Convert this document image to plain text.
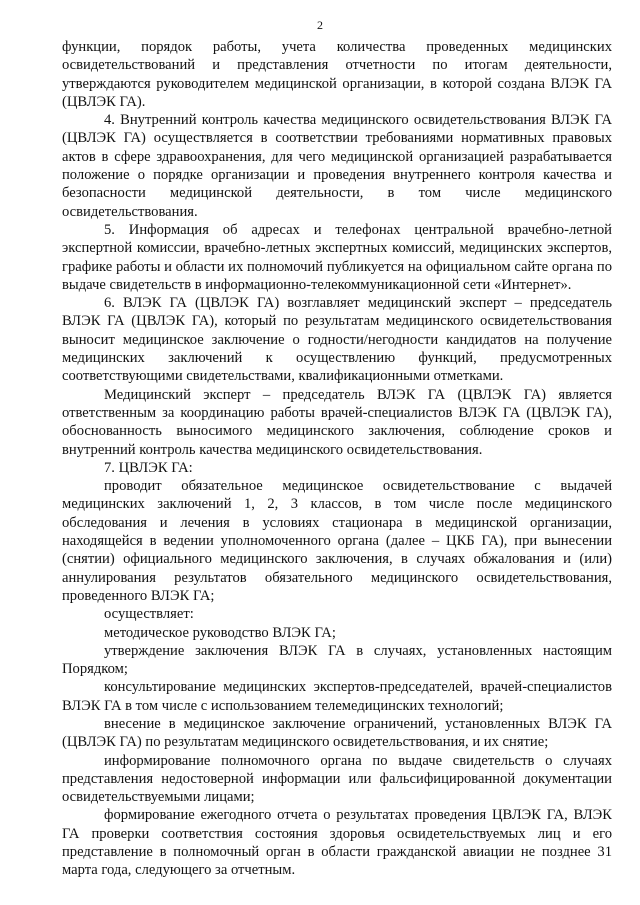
2

функции, порядок работы, учета количества проведенных медицинских освидетельствований и представления отчетности по итогам деятельности, утверждаются руководителем медицинской организации, в которой создана ВЛЭК ГА (ЦВЛЭК ГА).

4. Внутренний контроль качества медицинского освидетельствования ВЛЭК ГА (ЦВЛЭК ГА) осуществляется в соответствии требованиями нормативных правовых актов в сфере здравоохранения, для чего медицинской организацией разрабатывается положение о порядке организации и проведения внутреннего контроля качества и безопасности медицинской деятельности, в том числе медицинского освидетельствования.

5. Информация об адресах и телефонах центральной врачебно-летной экспертной комиссии, врачебно-летных экспертных комиссий, медицинских экспертов, графике работы и области их полномочий публикуется на официальном сайте органа по выдаче свидетельств в информационно-телекоммуникационной сети «Интернет».

6. ВЛЭК ГА (ЦВЛЭК ГА) возглавляет медицинский эксперт – председатель ВЛЭК ГА (ЦВЛЭК ГА), который по результатам медицинского освидетельствования выносит медицинское заключение о годности/негодности кандидатов на получение медицинских заключений к осуществлению функций, предусмотренных соответствующими свидетельствами, квалификационными отметками.

Медицинский эксперт – председатель ВЛЭК ГА (ЦВЛЭК ГА) является ответственным за координацию работы врачей-специалистов ВЛЭК ГА (ЦВЛЭК ГА), обоснованность выносимого медицинского заключения, соблюдение сроков и внутренний контроль качества медицинского освидетельствования.

7. ЦВЛЭК ГА:

проводит обязательное медицинское освидетельствование с выдачей медицинских заключений 1, 2, 3 классов, в том числе после медицинского обследования и лечения в условиях стационара в медицинской организации, находящейся в ведении уполномоченного органа (далее – ЦКБ ГА), при вынесении (снятии) официального медицинского заключения, в случаях обжалования и (или) аннулирования результатов обязательного медицинского освидетельствования, проведенного ВЛЭК ГА;

осуществляет:

методическое руководство ВЛЭК ГА;

утверждение заключения ВЛЭК ГА в случаях, установленных настоящим Порядком;

консультирование медицинских экспертов-председателей, врачей-специалистов ВЛЭК ГА в том числе с использованием телемедицинских технологий;

внесение в медицинское заключение ограничений, установленных ВЛЭК ГА (ЦВЛЭК ГА) по результатам медицинского освидетельствования, и их снятие;

информирование полномочного органа по выдаче свидетельств о случаях представления недостоверной информации или фальсифицированной документации освидетельствуемыми лицами;

формирование ежегодного отчета о результатах проведения ЦВЛЭК ГА, ВЛЭК ГА проверки соответствия состояния здоровья освидетельствуемых лиц и его представление в полномочный орган в области гражданской авиации не позднее 31 марта года, следующего за отчетным.
